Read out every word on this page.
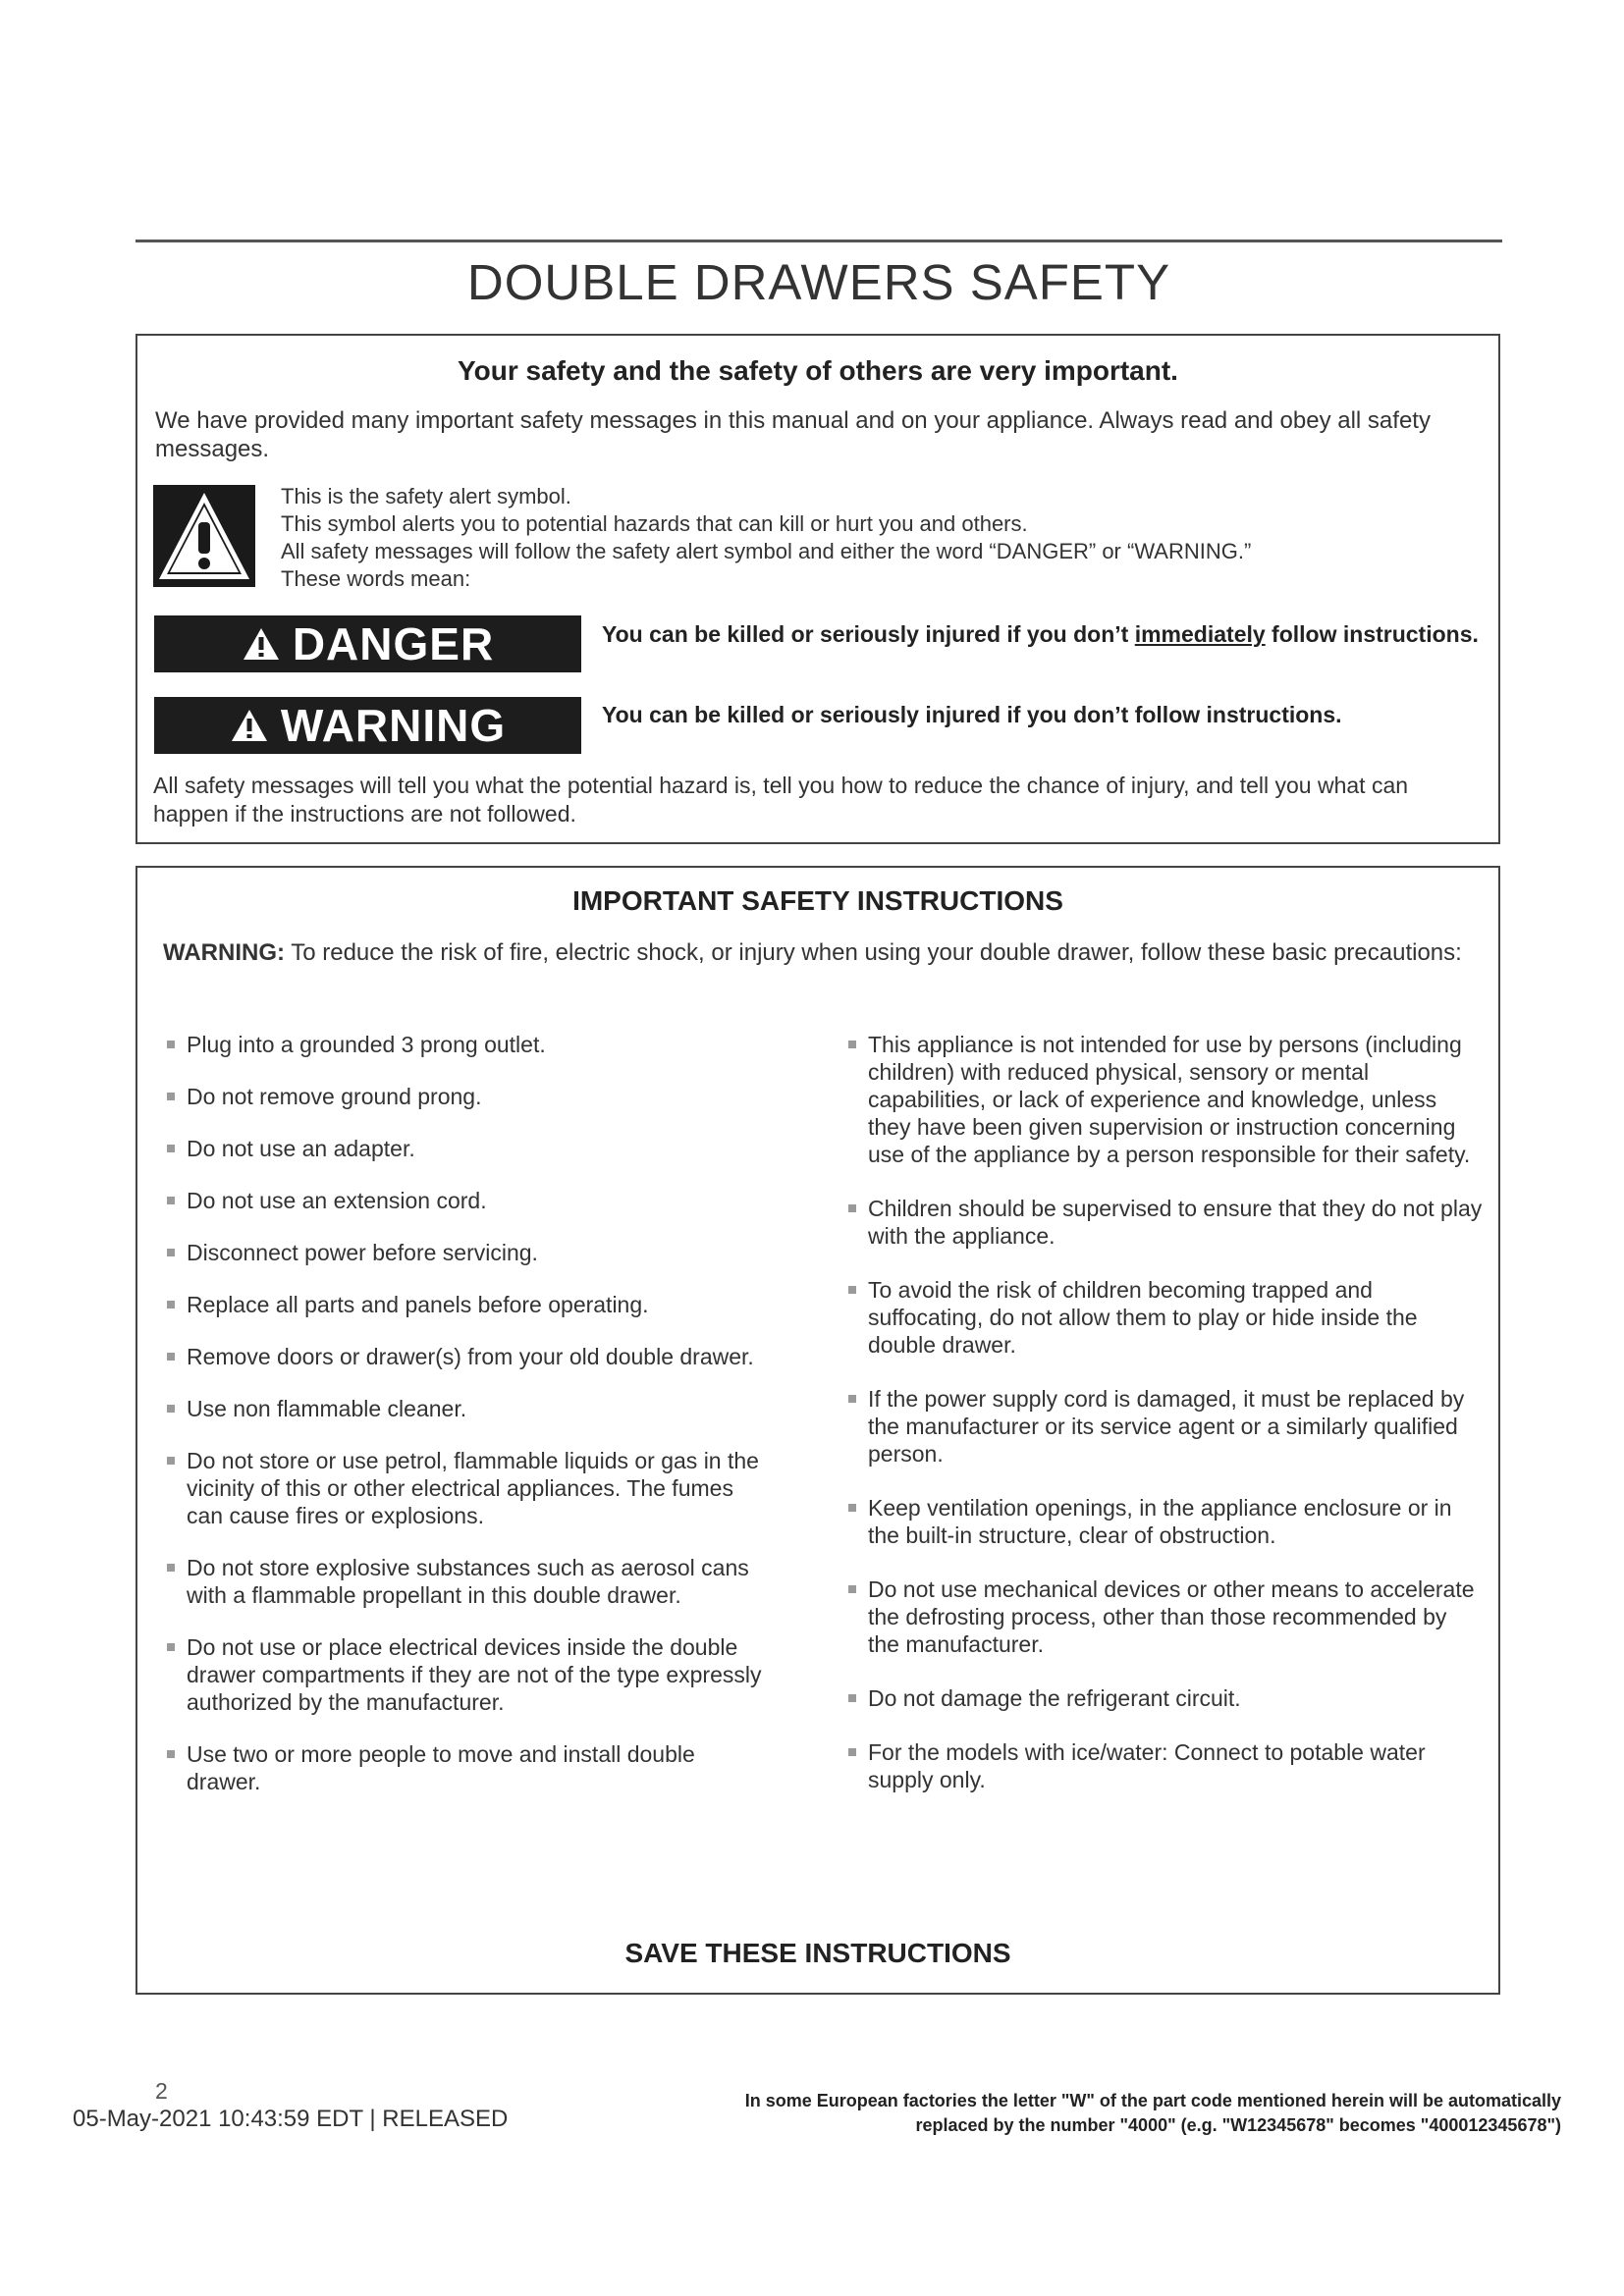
DOUBLE DRAWERS SAFETY
Your safety and the safety of others are very important.
We have provided many important safety messages in this manual and on your appliance. Always read and obey all safety messages.
This is the safety alert symbol.
This symbol alerts you to potential hazards that can kill or hurt you and others.
All safety messages will follow the safety alert symbol and either the word “DANGER” or “WARNING.”
These words mean:
DANGER	You can be killed or seriously injured if you don’t immediately follow instructions.
WARNING	You can be killed or seriously injured if you don’t follow instructions.
All safety messages will tell you what the potential hazard is, tell you how to reduce the chance of injury, and tell you what can happen if the instructions are not followed.
IMPORTANT SAFETY INSTRUCTIONS
WARNING: To reduce the risk of fire, electric shock, or injury when using your double drawer, follow these basic precautions:
Plug into a grounded 3 prong outlet.
Do not remove ground prong.
Do not use an adapter.
Do not use an extension cord.
Disconnect power before servicing.
Replace all parts and panels before operating.
Remove doors or drawer(s) from your old double drawer.
Use non flammable cleaner.
Do not store or use petrol, flammable liquids or gas in the vicinity of this or other electrical appliances. The fumes can cause fires or explosions.
Do not store explosive substances such as aerosol cans with a flammable propellant in this double drawer.
Do not use or place electrical devices inside the double drawer compartments if they are not of the type expressly authorized by the manufacturer.
Use two or more people to move and install double drawer.
This appliance is not intended for use by persons (including children) with reduced physical, sensory or mental capabilities, or lack of experience and knowledge, unless they have been given supervision or instruction concerning use of the appliance by a person responsible for their safety.
Children should be supervised to ensure that they do not play with the appliance.
To avoid the risk of children becoming trapped and suffocating, do not allow them to play or hide inside the double drawer.
If the power supply cord is damaged, it must be replaced by the manufacturer or its service agent or a similarly qualified person.
Keep ventilation openings, in the appliance enclosure or in the built-in structure, clear of obstruction.
Do not use mechanical devices or other means to accelerate the defrosting process, other than those recommended by the manufacturer.
Do not damage the refrigerant circuit.
For the models with ice/water: Connect to potable water supply only.
SAVE THESE INSTRUCTIONS
2
05-May-2021 10:43:59 EDT | RELEASED
In some European factories the letter "W" of the part code mentioned herein will be automatically
replaced by the number "4000" (e.g. "W12345678" becomes "400012345678")
